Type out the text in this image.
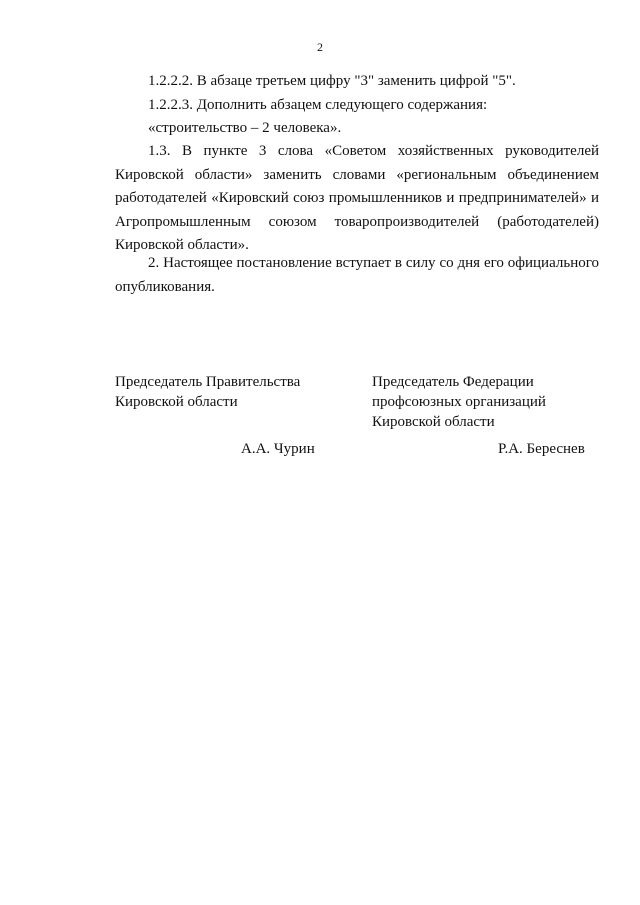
2

1.2.2.2. В абзаце третьем цифру "3" заменить цифрой "5".

1.2.2.3. Дополнить абзацем следующего содержания:

«строительство – 2 человека».

1.3. В пункте 3 слова «Советом хозяйственных руководителей Кировской области» заменить словами «региональным объединением работодателей «Кировский союз промышленников и предпринимателей» и Агропромышленным союзом товаропроизводителей (работодателей) Кировской области».

2. Настоящее постановление вступает в силу со дня его официального опубликования.

Председатель Правительства
Кировской области
Председатель Федерации
профсоюзных организаций
Кировской области
А.А. Чурин	Р.А. Береснев
